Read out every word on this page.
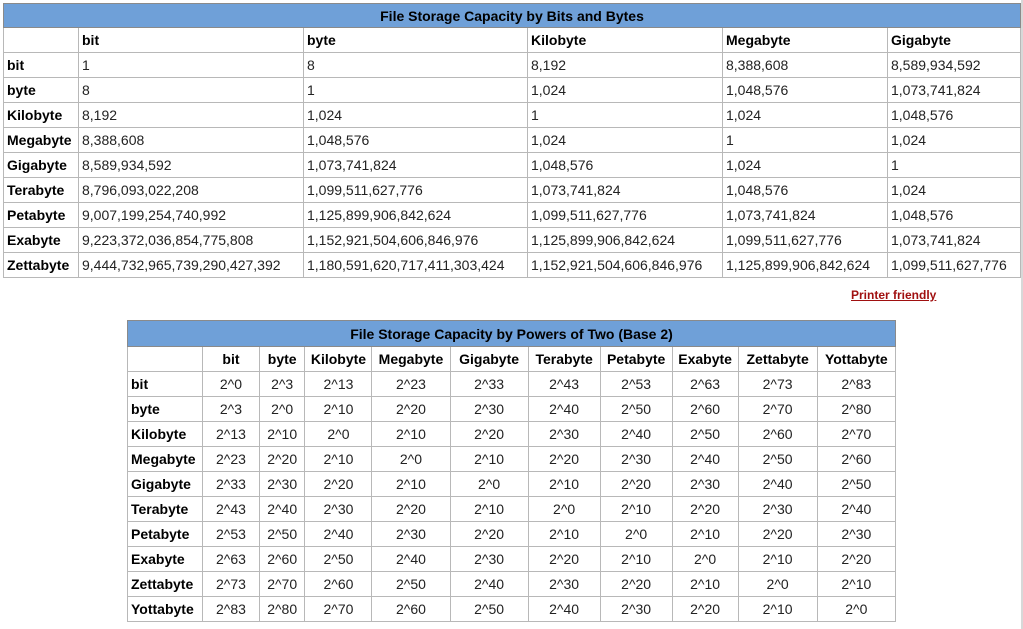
File Storage Capacity by Bits and Bytes					
	bit	byte	Kilobyte	Megabyte	Gigabyte
bit	1	8	8,192	8,388,608	8,589,934,592
byte	8	1	1,024	1,048,576	1,073,741,824
Kilobyte	8,192	1,024	1	1,024	1,048,576
Megabyte	8,388,608	1,048,576	1,024	1	1,024
Gigabyte	8,589,934,592	1,073,741,824	1,048,576	1,024	1
Terabyte	8,796,093,022,208	1,099,511,627,776	1,073,741,824	1,048,576	1,024
Petabyte	9,007,199,254,740,992	1,125,899,906,842,624	1,099,511,627,776	1,073,741,824	1,048,576
Exabyte	9,223,372,036,854,775,808	1,152,921,504,606,846,976	1,125,899,906,842,624	1,099,511,627,776	1,073,741,824
Zettabyte	9,444,732,965,739,290,427,392	1,180,591,620,717,411,303,424	1,152,921,504,606,846,976	1,125,899,906,842,624	1,099,511,627,776
Printer friendly
File Storage Capacity by Powers of Two (Base 2)										
	bit	byte	Kilobyte	Megabyte	Gigabyte	Terabyte	Petabyte	Exabyte	Zettabyte	Yottabyte
bit	2^0	2^3	2^13	2^23	2^33	2^43	2^53	2^63	2^73	2^83
byte	2^3	2^0	2^10	2^20	2^30	2^40	2^50	2^60	2^70	2^80
Kilobyte	2^13	2^10	2^0	2^10	2^20	2^30	2^40	2^50	2^60	2^70
Megabyte	2^23	2^20	2^10	2^0	2^10	2^20	2^30	2^40	2^50	2^60
Gigabyte	2^33	2^30	2^20	2^10	2^0	2^10	2^20	2^30	2^40	2^50
Terabyte	2^43	2^40	2^30	2^20	2^10	2^0	2^10	2^20	2^30	2^40
Petabyte	2^53	2^50	2^40	2^30	2^20	2^10	2^0	2^10	2^20	2^30
Exabyte	2^63	2^60	2^50	2^40	2^30	2^20	2^10	2^0	2^10	2^20
Zettabyte	2^73	2^70	2^60	2^50	2^40	2^30	2^20	2^10	2^0	2^10
Yottabyte	2^83	2^80	2^70	2^60	2^50	2^40	2^30	2^20	2^10	2^0
